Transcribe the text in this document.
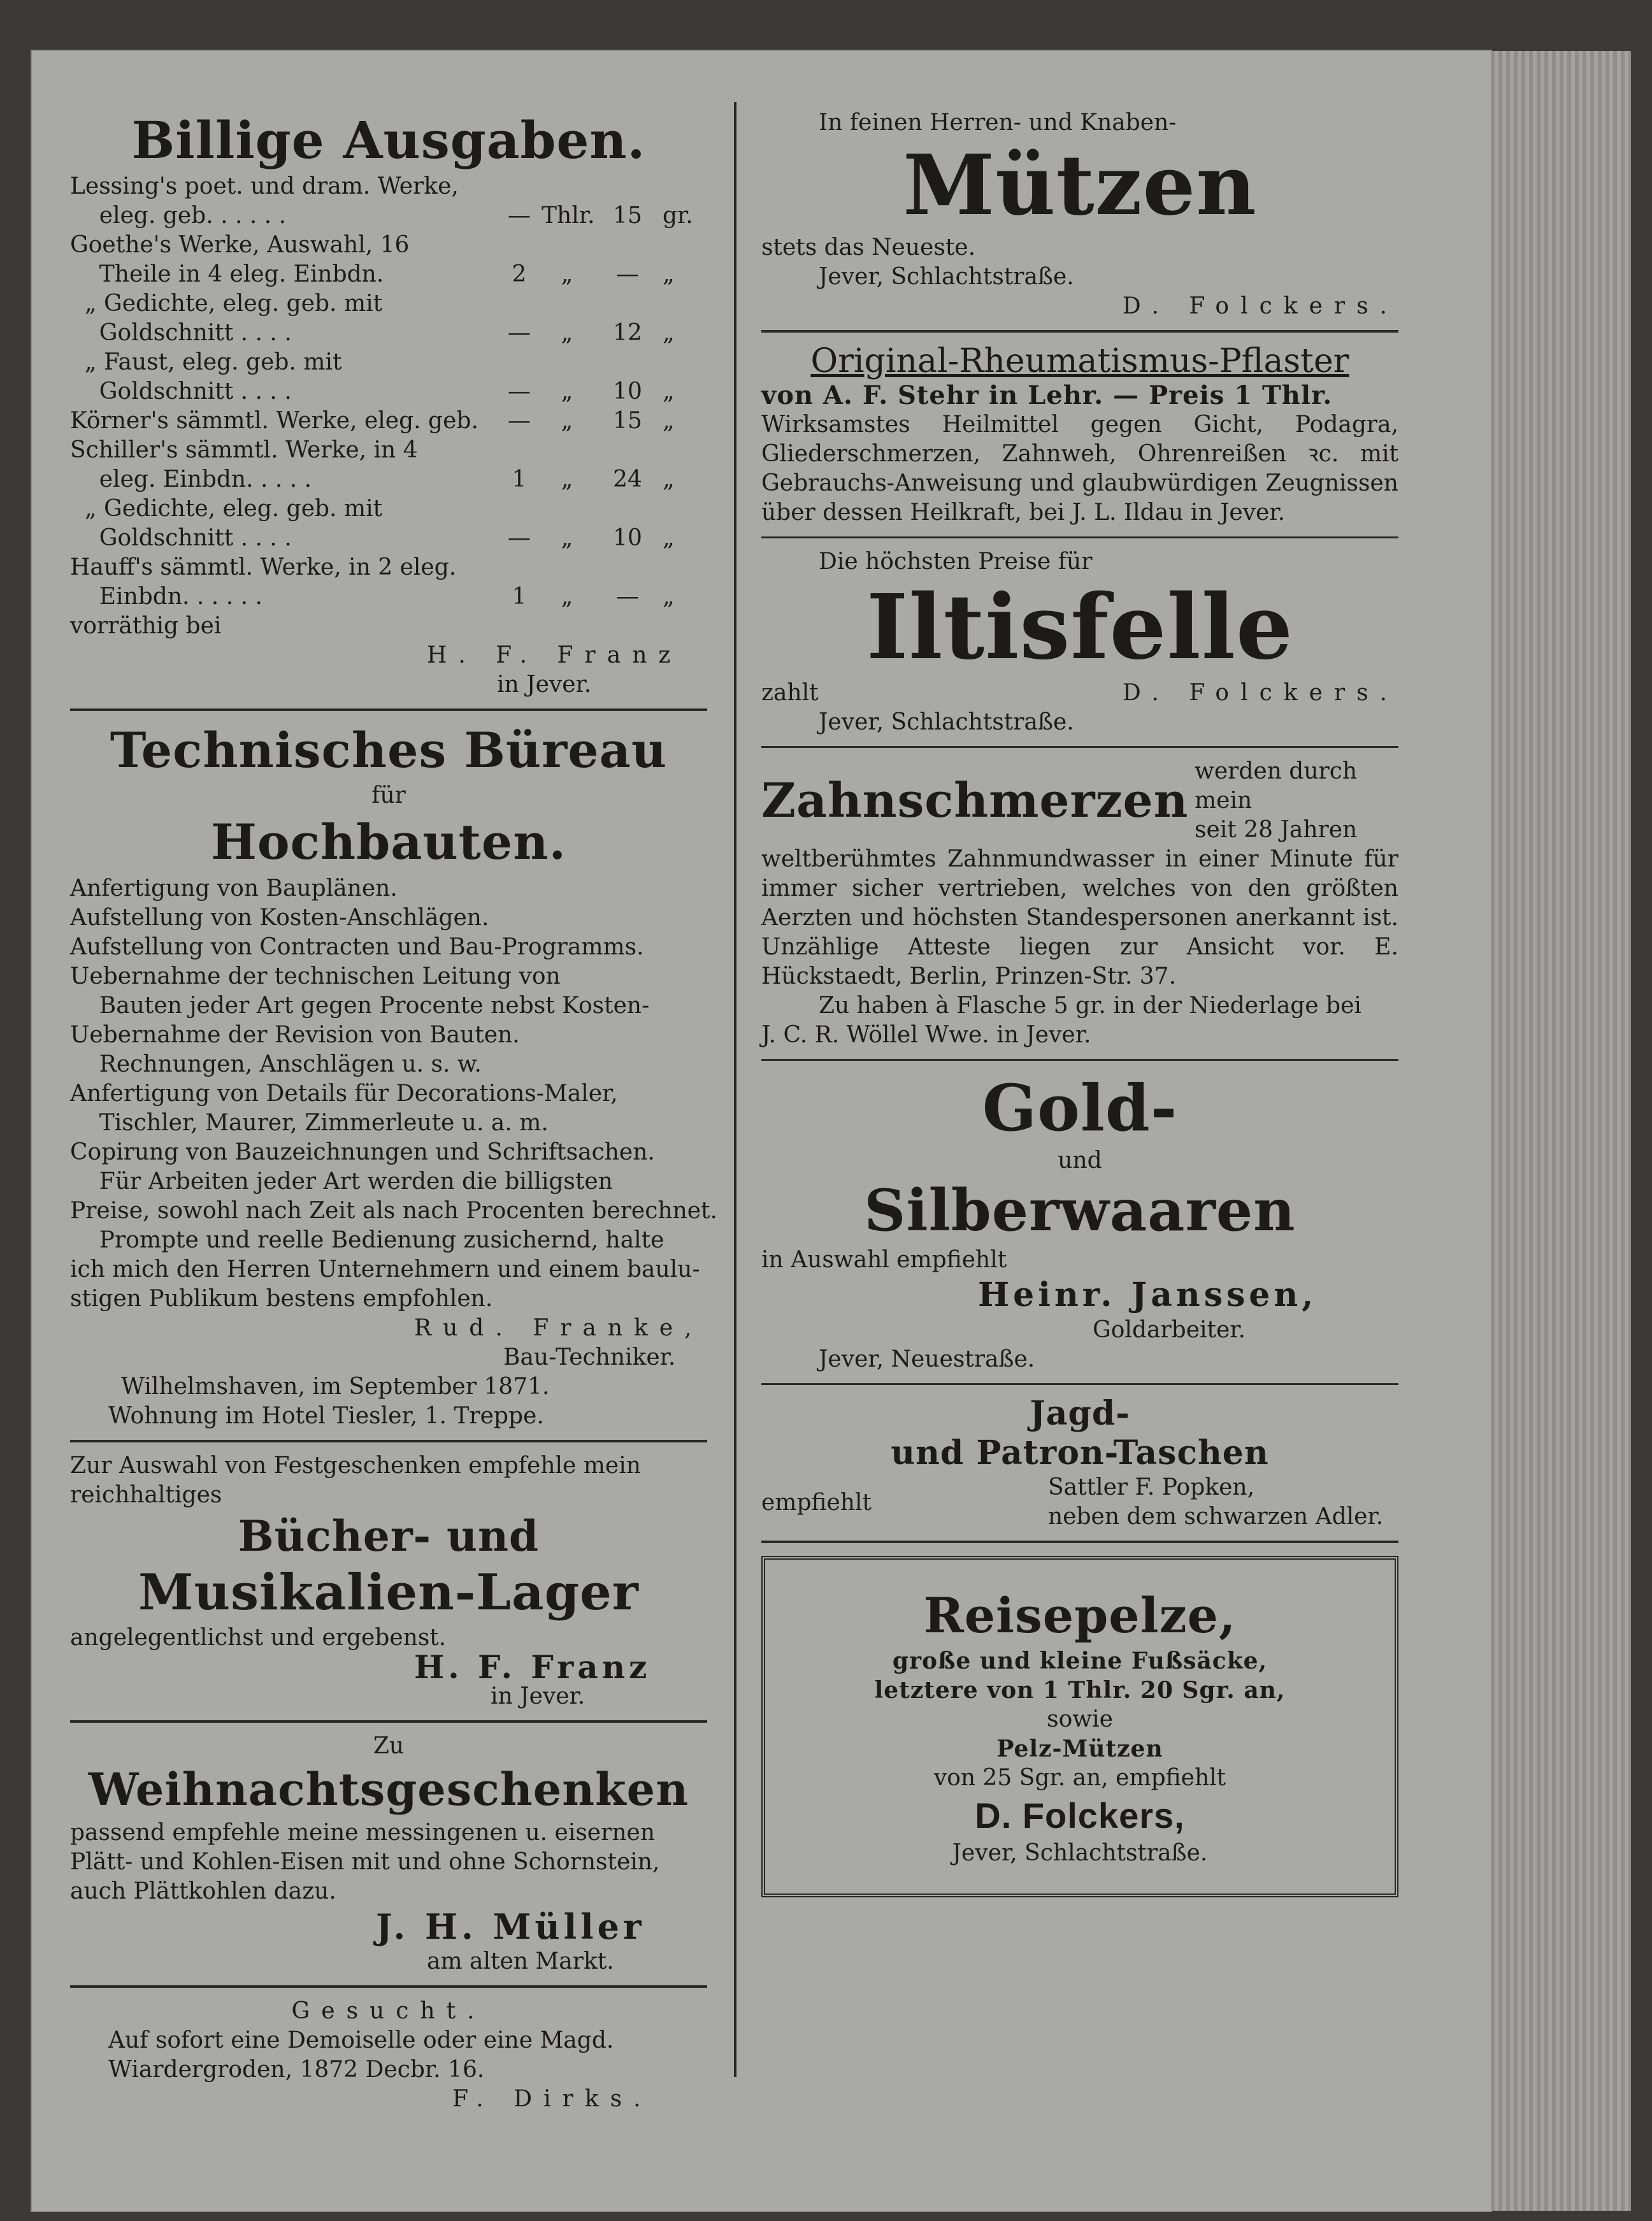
Billige Ausgaben.
Lessing's poet. und dram. Werke,
eleg. geb. . . . . .	— Thlr. 15 gr.
Goethe's Werke, Auswahl, 16
Theile in 4 eleg. Einbdn.	2	„	—	„
„ Gedichte, eleg. geb. mit
Goldschnitt . . . .	—	„	12 „
„ Faust, eleg. geb. mit
Goldschnitt . . . .	—	„	10 „
Körner's sämmtl. Werke, eleg. geb.	—	„	15 „
Schiller's sämmtl. Werke, in 4
eleg. Einbdn. . . . .	1	„	24 „
„ Gedichte, eleg. geb. mit
Goldschnitt . . . .	—	„	10 „
Hauff's sämmtl. Werke, in 2 eleg.
Einbdn. . . . . .	1	„	—	„
vorräthig bei
H. F. Franz
in Jever.
Technisches Büreau
für
Hochbauten.
Anfertigung von Bauplänen.
Aufstellung von Kosten-Anschlägen.
Aufstellung von Contracten und Bau-Programms.
Uebernahme der technischen Leitung von
Bauten jeder Art gegen Procente nebst Kosten-
Uebernahme der Revision von Bauten.
Rechnungen, Anschlägen u. s. w.
Anfertigung von Details für Decorations-Maler,
Tischler, Maurer, Zimmerleute u. a. m.
Copirung von Bauzeichnungen und Schriftsachen.
Für Arbeiten jeder Art werden die billigsten
Preise, sowohl nach Zeit als nach Procenten berechnet.
Prompte und reelle Bedienung zusichernd, halte
ich mich den Herren Unternehmern und einem baulu-
stigen Publikum bestens empfohlen.
Rud. Franke,
Bau-Techniker.
Wilhelmshaven, im September 1871.
Wohnung im Hotel Tiesler, 1. Treppe.
Zur Auswahl von Festgeschenken empfehle mein reichhaltiges
Bücher- und
Musikalien-Lager
angelegentlichst und ergebenst.
H. F. Franz
in Jever.
Zu
Weihnachtsgeschenken
passend empfehle meine messingenen u. eisernen Plätt- und Kohlen-Eisen mit und ohne Schornstein, auch Plättkohlen dazu.
J. H. Müller
am alten Markt.
Gesucht.
Auf sofort eine Demoiselle oder eine Magd.
Wiardergroden, 1872 Decbr. 16.
F. Dirks.
In feinen Herren- und Knaben-
Mützen
stets das Neueste.
Jever, Schlachtstraße.
D. Folckers.
Original-Rheumatismus-Pflaster
von A. F. Stehr in Lehr. — Preis 1 Thlr.
Wirksamstes Heilmittel gegen Gicht, Podagra, Gliederschmerzen, Zahnweh, Ohrenreißen ꝛc. mit Gebrauchs-Anweisung und glaubwürdigen Zeugnissen über dessen Heilkraft, bei J. L. Ildau in Jever.
Die höchsten Preise für
Iltisfelle
zahlt	D. Folckers.
Jever, Schlachtstraße.
Zahnschmerzen
werden durch mein
seit 28 Jahren
weltberühmtes Zahnmundwasser in einer Minute für immer sicher vertrieben, welches von den größten Aerzten und höchsten Standespersonen anerkannt ist. Unzählige Atteste liegen zur Ansicht vor. E. Hückstaedt, Berlin, Prinzen-Str. 37.
Zu haben à Flasche 5 gr. in der Niederlage bei
J. C. R. Wöllel Wwe. in Jever.
Gold-
und
Silberwaaren
in Auswahl empfiehlt
Heinr. Janssen,
Goldarbeiter.
Jever, Neuestraße.
Jagd-
und Patron-Taschen
empfiehlt
Sattler F. Popken,
neben dem schwarzen Adler.
Reisepelze,
große und kleine Fußsäcke,
letztere von 1 Thlr. 20 Sgr. an,
sowie
Pelz-Mützen
von 25 Sgr. an, empfiehlt
D. Folckers,
Jever, Schlachtstraße.
